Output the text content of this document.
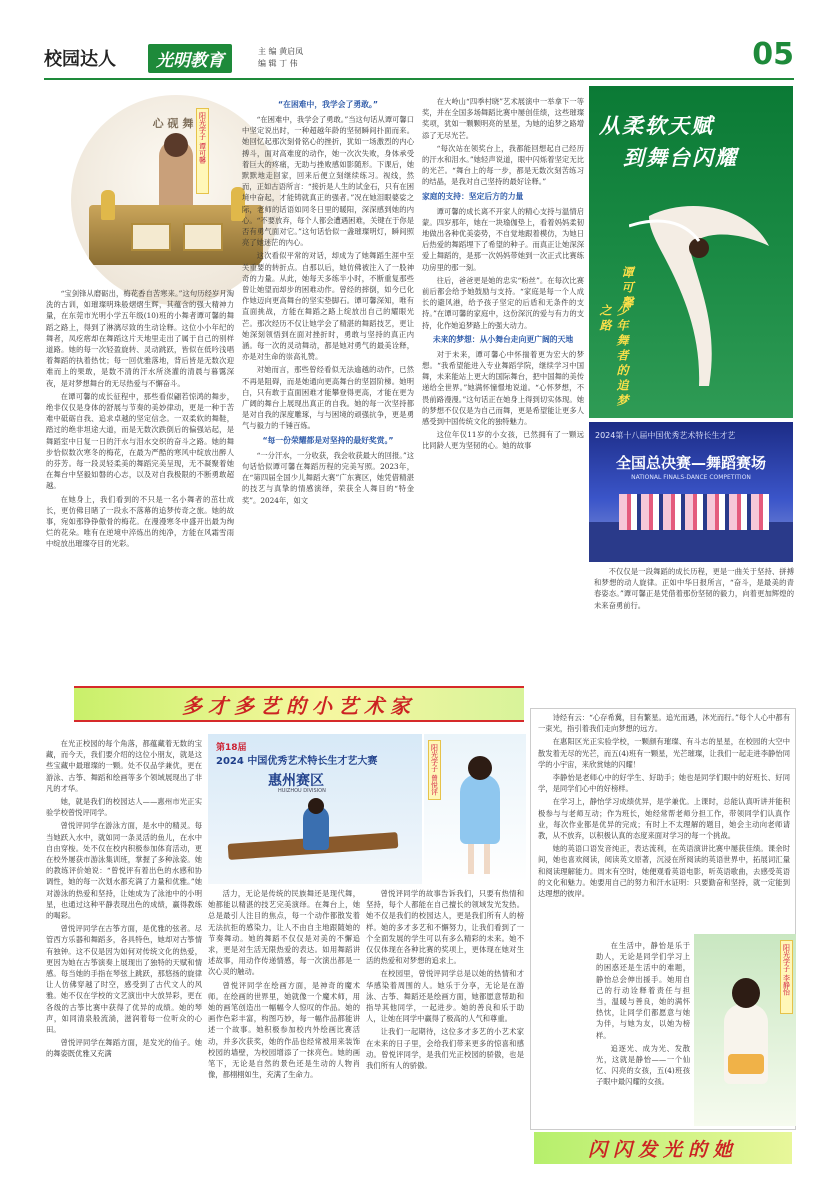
校园达人	光明教育	主 编 黄启凤
编 辑 丁 伟	05
心 砚 舞 阳光学子 谭可馨

“宝剑锋从磨砺出，梅花香自苦寒来。”这句历经岁月淘洗的古训，如璀璨明珠般熠熠生辉，其蕴含的强大精神力量，在东莞市光明小学五年级(10)班的小舞者谭可馨的舞蹈之路上，得到了淋漓尽致的生动诠释。这位小小年纪的舞者，凤疙瘩却在舞蹈这片天地里走出了属于自己的别样道路。她的每一次轻盈旋转、灵动跳跃，皆似在低吟浅唱着舞蹈的执着热忱；每一回优雅落地，背后皆是无数次迎难而上的果敢，是数不清的汗水所浇灌的清晨与暮霭深夜，是对梦想舞台的无尽热爱与不懈奋斗。

在谭可馨的成长征程中，那些看似翩若惊鸿的舞步，绝非仅仅是身体的舒展与节奏的美妙律动，更是一种于苦难中砥砺自我、追求卓越的坚定信念。一双柔软的舞鞋，踏过的绝非坦途大道，而是无数次跌倒后的偏强站起，是舞蹈室中日复一日的汗水与泪水交织的奋斗之路。她的舞步恰似数次寒冬的梅花，在最为严酷的寒风中绽放出醉人的芬芳。每一段灵轻柔美的舞蹈完美呈现，无不凝聚着她在舞台中坚毅如磐的心志，以及对自我极限的不断勇敢超越。

在她身上，我们看到的不只是一名小舞者的茁壮成长，更仿佛目睹了一段永不落幕的追梦传奇之旅。她的故事，宛如那铮铮傲骨的梅花。在漫漫寒冬中盛开出最为绚烂的花朵。唯有在逆境中淬炼出的纯净，方能在风霜雪雨中绽放出璀璨夺目的光彩。

“在困难中，我学会了勇敢。”

“在困难中，我学会了勇敢。”当这句话从谭可馨口中坚定说出时，一种超越年龄的坚韧瞬间扑面而来。她回忆起那次刻骨铭心的挫折，犹如一场激烈的内心搏斗，面对高难度的动作，她一次次失败，身体承受着巨大的疼痛，无助与挫败感如影随形。下课后，她默默地走回家，回来后便立刻继续练习。视线，然而，正如古语所言：“接折是人生的试金石，只有在困境中奋起，才能铸就真正的强者。”况在她泪眼婆娑之际，老师的话语如同冬日里的暖阳，深深感到她的内心。“不要放弃，每个人都会遭遇困难，关键在于你是否有勇气面对它。”这句话恰似一盏璀璨明灯，瞬间照亮了她迷茫的内心。

这次看似平常的对话，却成为了她舞蹈生涯中至关重要的转折点。自那以后，她仿佛被注入了一股神奇的力量。从此，她每天多练半小时，不断重复那些曾让她望而却步的困难动作。曾经的摔倒，如今已化作她迈向更高舞台的坚实垫脚石。谭可馨深知，唯有直面挑战，方能在舞蹈之路上绽放出自己的耀眼光芒。那次经历不仅让她学会了精湛的舞蹈技艺，更让她深刻领悟到在面对挫折时，勇敢与坚持的真正内涵。每一次的灵动舞动，都是她对勇气的最美诠释，亦是对生命的崇高礼赞。

对她而言，那些曾经看似无法逾越的动作，已然不再是阻碍，而是她通向更高舞台的坚固阶梯。她明白，只有敢于直面困难才能攀登得更高，才能在更为广阔的舞台上展现出真正的自我。她的每一次坚持都是对自我的深度雕琢，与与困境的顽强抗争，更是勇气与毅力的千锤百炼。

“每一份荣耀都是对坚持的最好奖赏。”

“一分汗水，一分收获，我会收获最大的回报。”这句话恰似谭可馨在舞蹈历程的完美写照。2023年，在“第四届全国少儿舞蹈大赛”广东赛区，她凭借精湛的技艺与真挚的情感演绎，荣获全人舞目的“特金奖”。2024年，如文

在大岭山“四季村晓”艺术展演中一举拿下一等奖，并在全国多场舞蹈比赛中屡创佳绩，这些璀璨奖项，犹如一颗颗明亮的星星，为她的追梦之路增添了无尽光芒。

“每次站在领奖台上，我都能回想起自己经历的汗水和泪水。”她轻声说道，眼中闪烁着坚定无比的光芒。“舞台上的每一步，都是无数次刻苦练习的结晶，是我对自己坚持的最好诠释。”

家庭的支持：坚定后方的力量

谭可馨的成长离不开家人的精心支持与温情启蒙。四岁那年，她在一块瑜伽垫上，看着妈妈柔韧地做出各种优美姿势，不自觉地跟着模仿，为她日后热爱的舞蹈埋下了希望的种子。而真正让她深深爱上舞蹈的，是那一次妈妈带她到一次正式比赛练功房里的那一刻。

往后，爸爸更是她的忠实“粉丝”。在每次比赛前后都会给予她鼓励与支持。“家庭是每一个人成长的避风港，给予孩子坚定的后盾和无条件的支持。”在谭可馨的家庭中，这份深沉的爱与有力的支持，化作她追梦路上的强大动力。

未来的梦想：从小舞台走向更广阔的天地

对于未来，谭可馨心中怀揣着更为宏大的梦想。“我希望能进入专业舞蹈学院，继续学习中国舞，未来能站上更大的国际舞台，把中国舞的美传递给全世界。”她满怀憧憬地说道。“心怀梦想，不畏前路漫漫。”这句话正在她身上得到切实体现。她的梦想不仅仅是为自己而舞，更是希望能让更多人感受到中国传统文化的独特魅力。

这位年仅11岁的小女孩，已然拥有了一颗远比同龄人更为坚韧的心。她的故事

不仅仅是一段舞蹈的成长历程，更是一曲关于坚持、拼搏和梦想的动人旋律。正如中华日报所言，“奋斗，是最美的青春姿态。”谭可馨正是凭借着那份坚韧的毅力，向着更加辉煌的未来奋勇前行。

从柔软天赋
到舞台闪耀
谭可馨
少年舞者的追梦之路
2024第十八届中国优秀艺术特长生才艺
全国总决赛—舞蹈赛场
NATIONAL FINALS-DANCE COMPETITION
多才多艺的小艺术家

在光正校园的每个角落，都蕴藏着无数的宝藏，而今天，我们要介绍的这位小朋友，就是这些宝藏中最璀璨的一颗。处不仅品学兼优，更在游泳、古筝、舞蹈和绘画等多个领域展现出了非凡的才华。

她，就是我们的校园达人——惠州市光正实验学校曾悦评同学。

曾悦评同学在游泳方面，是水中的精灵。每当她跃入水中，就如同一条灵活的鱼儿，在水中自由穿梭。处不仅在校内积极参加体育活动，更在校外屡获市游泳集训班，掌握了多种泳姿。她的教练评价她说：“曾悦评有着出色的水感和协调性，她的每一次划水都充满了力量和优雅。”她对游泳的热爱和坚持，让她成为了泳池中的小明星，也通过这种平静表现出色的成绩，赢得教练的喝彩。

曾悦评同学在古筝方面，是优雅的弦者。尽管西方乐器和舞蹈多，各具特色，她却对古筝情有独钟。这不仅是因为如何对传统文化的热爱，更因为她在古筝演奏上展现出了独特的天赋和情感。每当她的手指在琴弦上跳跃，那悠扬的旋律让人仿佛穿越了时空，感受到了古代文人的风雅。她不仅在学校的文艺演出中大放异彩，更在各级的古筝比赛中获得了优异的成绩。她的琴声，如同清泉般流淌，滋润着每一位听众的心田。

曾悦评同学在舞蹈方面，是发光的仙子。她的舞姿既优雅又充满

第18届
2024 中国优秀艺术特长生才艺大赛
惠州赛区
HUIZHOU DIVISION	阳光学子 曾悦评

活力，无论是传统的民族舞还是现代舞，她都能以精湛的技艺完美演绎。在舞台上，她总是最引人注目的焦点，每一个动作都散发着无法抗拒的感染力，让人不由自主地跟随她的节奏舞动。她的舞蹈不仅仅是对美的不懈追求，更是对生活无限热爱的表达。如用舞蹈讲述故事，用动作传递情感，每一次演出都是一次心灵的触动。

曾悦评同学在绘画方面，是神奇的魔术师。在绘画的世界里，她就像一个魔术师，用她的画笔创造出一幅幅令人惊叹的作品。她的画作色彩丰富，构图巧妙，每一幅作品都能讲述一个故事。她积极参加校内外绘画比赛活动，并多次获奖，她的作品也经常被用来装饰校园的墙壁，为校园增添了一抹亮色。她的画笔下，无论是自然的景色还是生动的人物肖像，都栩栩如生，充满了生命力。

曾悦评同学的故事告诉我们，只要有热情和坚持，每个人都能在自己擅长的领域发光发热。她不仅是我们的校园达人，更是我们所有人的榜样。她的多才多艺和不懈努力，让我们看到了一个全面发展的学生可以有多么精彩的未来。她不仅仅体现在各种比赛的奖项上，更体现在她对生活的热爱和对梦想的追求上。

在校园里，曾悦评同学总是以她的热情和才华感染着周围的人。她乐于分享，无论是在游泳、古筝、舞蹈还是绘画方面，她都愿意帮助和指导其他同学，一起进步。她的善良和乐于助人，让她在同学中赢得了极高的人气和尊重。

让我们一起期待，这位多才多艺的小艺术家在未来的日子里，会给我们带来更多的惊喜和感动。曾悦评同学，是我们光正校园的骄傲，也是我们所有人的骄傲。

诗经有云：“心存希冀，目有繁星。追光而遇，沐光而行。”每个人心中都有一束光，指引着我们走向梦想的远方。

在惠阳区光正实验学校，一颗颜有璀璨、有斗志的星星，在校园的大空中散发着无尽的光芒，而五(4)班有一颗星，光芒璀璨，让我们一起走进李静怡同学的小宇宙，来欣赏她的闪耀！

李静怡是老师心中的好学生、好助手；她也是同学们眼中的好班长、好同学，是同学们心中的好榜样。

在学习上，静怡学习成绩优异，是学兼优。上课时，总能认真听讲并能积极参与与老师互动；作为班长，她经常帮老师分担工作，带领同学们认真作业，每次作业都是优异的完成；有时上不太理解的题目，她会主动向老师请教，从不放弃，以积极认真的态度来面对学习的每一个挑战。

她的英语口语发音纯正，表达流利，在英语演讲比赛中屡获佳绩。课余时间，她也喜欢阅读，阅读英文原著，沉浸在所阅读的英语世界中，拓展词汇量和阅读理解能力。周末有空时，她便观看英语电影，听英语歌曲，去感受英语的文化和魅力。她要用自己的努力和汗水证明：只要勤奋和坚持，就一定能到达理想的彼岸。

在生活中，静怡是乐于助人，无论是同学们学习上的困惑还是生活中的难题，静怡总会伸出援手。她用自己的行动诠释着责任与担当，温暖与善良，她的满怀热忱，让同学们都愿意与她为伴，与她为友，以她为榜样。

追逐光、成为光、发散光，这就是静怡——一个仙忆、闪亮的女孩，五(4)班孩子眼中最闪耀的女孩。

阳光学子 李静怡
闪闪发光的她
